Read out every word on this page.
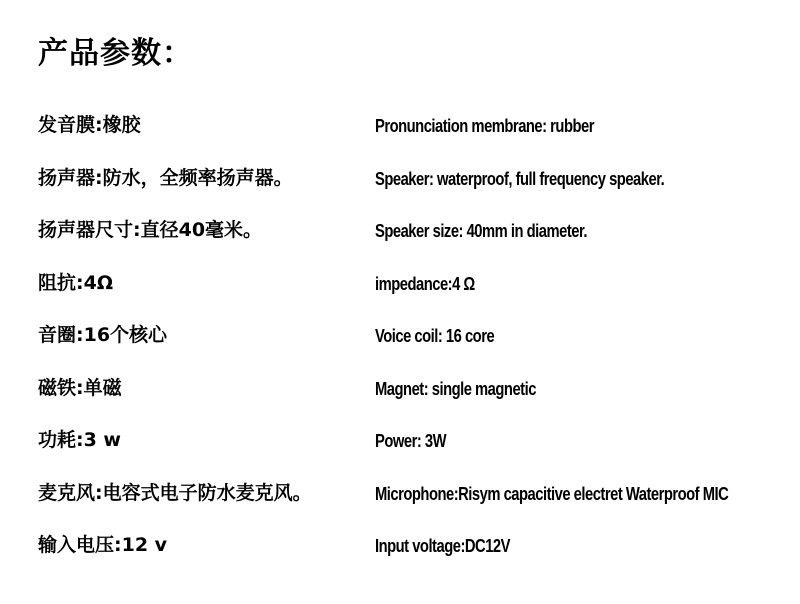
产品参数：
发音膜:橡胶	Pronunciation membrane: rubber
扬声器:防水，全频率扬声器。	Speaker: waterproof, full frequency speaker.
扬声器尺寸:直径40毫米。	Speaker size: 40mm in diameter.
阻抗:4Ω	impedance:4 Ω
音圈:16个核心	Voice coil: 16 core
磁铁:单磁	Magnet: single magnetic
功耗:3 w	Power: 3W
麦克风:电容式电子防水麦克风。	Microphone:Risym capacitive electret Waterproof MIC
输入电压:12 v	Input voltage:DC12V
